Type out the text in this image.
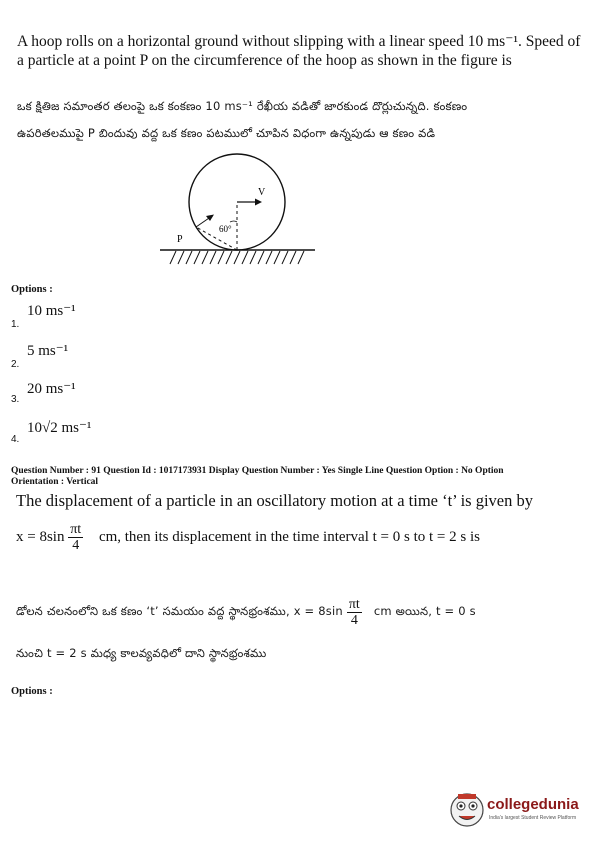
A hoop rolls on a horizontal ground without slipping with a linear speed 10 ms⁻¹. Speed of a particle at a point P on the circumference of the hoop as shown in the figure is
ఒక క్షితిజ సమాంతర తలంపై ఒక కంకణం 10 ms⁻¹ రేఖీయ వడితో జారకుండ దొర్లుచున్నది. కంకణం
ఉపరితలముపై P బిందువు వద్ద ఒక కణం పటములో చూపిన విధంగా ఉన్నపుడు ఆ కణం వడి
V
P
60°
Options :
10 ms⁻¹
1.
5 ms⁻¹
2.
20 ms⁻¹
3.
10√2 ms⁻¹
4.
Question Number : 91 Question Id : 1017173931 Display Question Number : Yes Single Line Question Option : No Option
Orientation : Vertical
The displacement of a particle in an oscillatory motion at a time ‘t’ is given by
$x = 8\sin \frac{\pi t}{4}$ cm, then its displacement in the time interval t = 0 s to t = 2 s is
డోలన చలనంలోని ఒక కణం ‘t’ సమయం వద్ద స్థానభ్రంశము, $x = 8\sin \frac{\pi t}{4}$ cm అయిన, t = 0 s
నుంచి t = 2 s మధ్య కాలవ్యవధిలో దాని స్థానభ్రంశము
Options :
collegedunia
India's largest Student Review Platform
